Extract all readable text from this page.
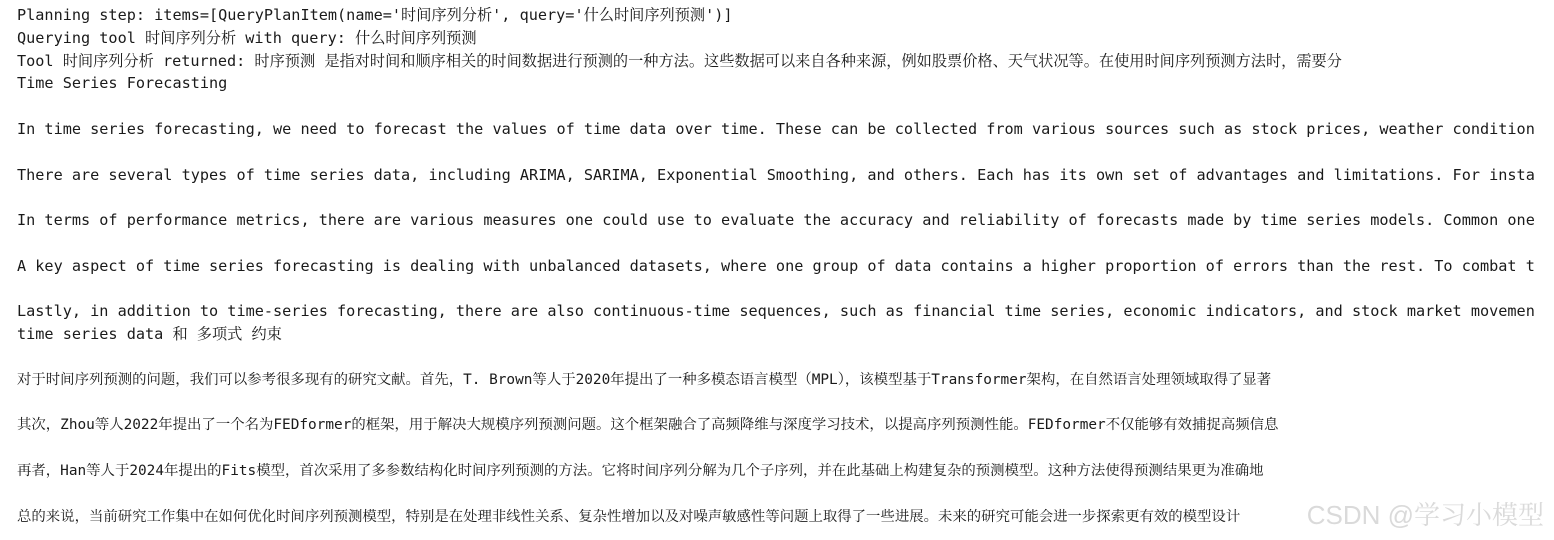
Planning step: items=[QueryPlanItem(name='时间序列分析', query='什么时间序列预测')]
Querying tool 时间序列分析 with query: 什么时间序列预测
Tool 时间序列分析 returned: 时序预测 是指对时间和顺序相关的时间数据进行预测的一种方法。这些数据可以来自各种来源，例如股票价格、天气状况等。在使用时间序列预测方法时，需要分
Time Series Forecasting
In time series forecasting, we need to forecast the values of time data over time. These can be collected from various sources such as stock prices, weather condition
There are several types of time series data, including ARIMA, SARIMA, Exponential Smoothing, and others. Each has its own set of advantages and limitations. For insta
In terms of performance metrics, there are various measures one could use to evaluate the accuracy and reliability of forecasts made by time series models. Common one
A key aspect of time series forecasting is dealing with unbalanced datasets, where one group of data contains a higher proportion of errors than the rest. To combat t
Lastly, in addition to time-series forecasting, there are also continuous-time sequences, such as financial time series, economic indicators, and stock market movemen
time series data 和 多项式 约束
对于时间序列预测的问题，我们可以参考很多现有的研究文献。首先，T. Brown等人于2020年提出了一种多模态语言模型（MPL），该模型基于Transformer架构，在自然语言处理领域取得了显著
其次，Zhou等人2022年提出了一个名为FEDformer的框架，用于解决大规模序列预测问题。这个框架融合了高频降维与深度学习技术，以提高序列预测性能。FEDformer不仅能够有效捕捉高频信息
再者，Han等人于2024年提出的Fits模型，首次采用了多参数结构化时间序列预测的方法。它将时间序列分解为几个子序列，并在此基础上构建复杂的预测模型。这种方法使得预测结果更为准确地
总的来说，当前研究工作集中在如何优化时间序列预测模型，特别是在处理非线性关系、复杂性增加以及对噪声敏感性等问题上取得了一些进展。未来的研究可能会进一步探索更有效的模型设计	CSDN @学习小模型
